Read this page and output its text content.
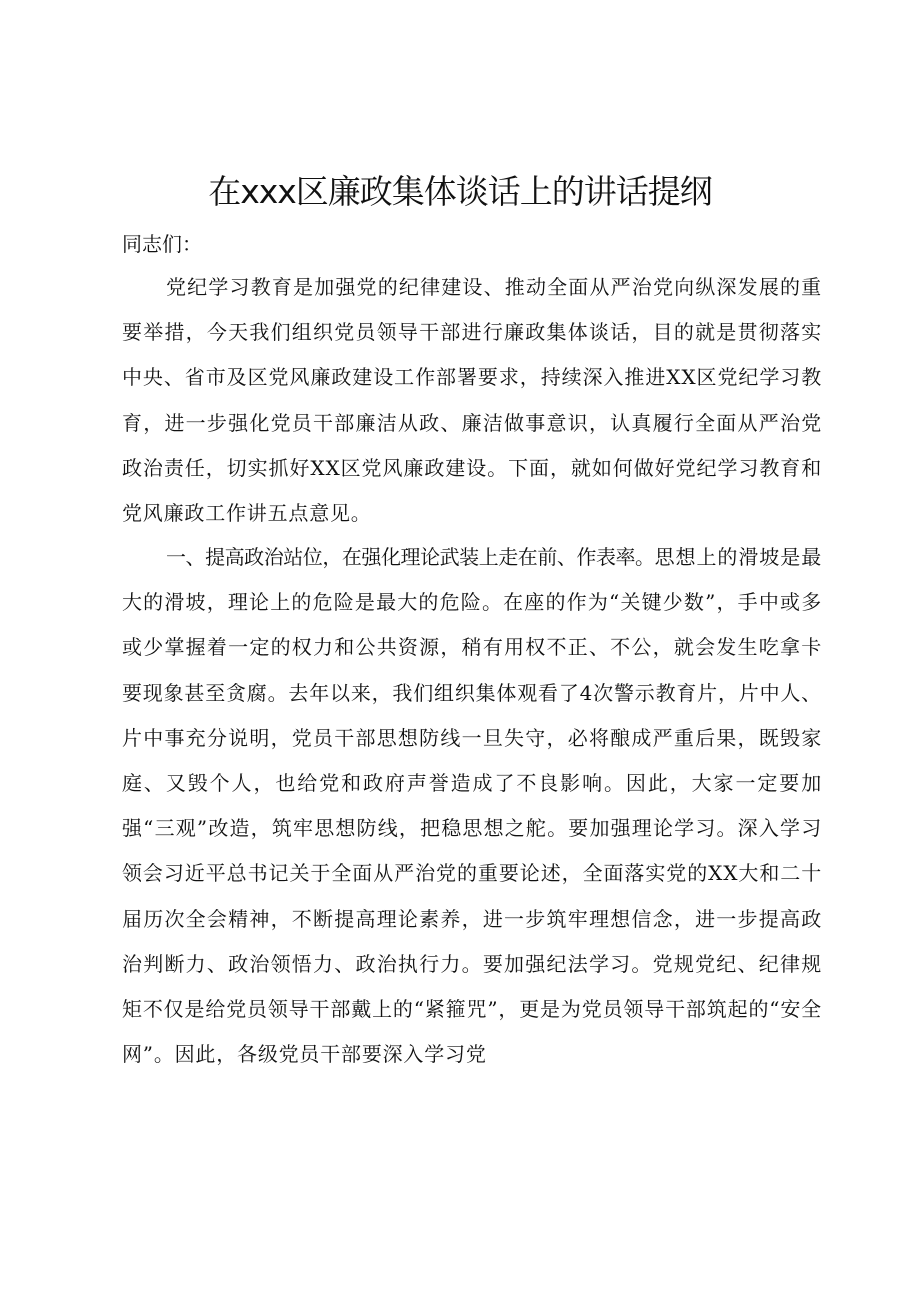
在xxx区廉政集体谈话上的讲话提纲

同志们：

党纪学习教育是加强党的纪律建设、推动全面从严治党向纵深发展的重要举措，今天我们组织党员领导干部进行廉政集体谈话，目的就是贯彻落实中央、省市及区党风廉政建设工作部署要求，持续深入推进XX区党纪学习教育，进一步强化党员干部廉洁从政、廉洁做事意识，认真履行全面从严治党政治责任，切实抓好XX区党风廉政建设。下面，就如何做好党纪学习教育和党风廉政工作讲五点意见。

一、提高政治站位，在强化理论武装上走在前、作表率。思想上的滑坡是最大的滑坡，理论上的危险是最大的危险。在座的作为“关键少数”，手中或多或少掌握着一定的权力和公共资源，稍有用权不正、不公，就会发生吃拿卡要现象甚至贪腐。去年以来，我们组织集体观看了4次警示教育片，片中人、片中事充分说明，党员干部思想防线一旦失守，必将酿成严重后果，既毁家庭、又毁个人，也给党和政府声誉造成了不良影响。因此，大家一定要加强“三观”改造，筑牢思想防线，把稳思想之舵。要加强理论学习。深入学习领会习近平总书记关于全面从严治党的重要论述，全面落实党的XX大和二十届历次全会精神，不断提高理论素养，进一步筑牢理想信念，进一步提高政治判断力、政治领悟力、政治执行力。要加强纪法学习。党规党纪、纪律规矩不仅是给党员领导干部戴上的“紧箍咒”，更是为党员领导干部筑起的“安全网”。因此，各级党员干部要深入学习党
